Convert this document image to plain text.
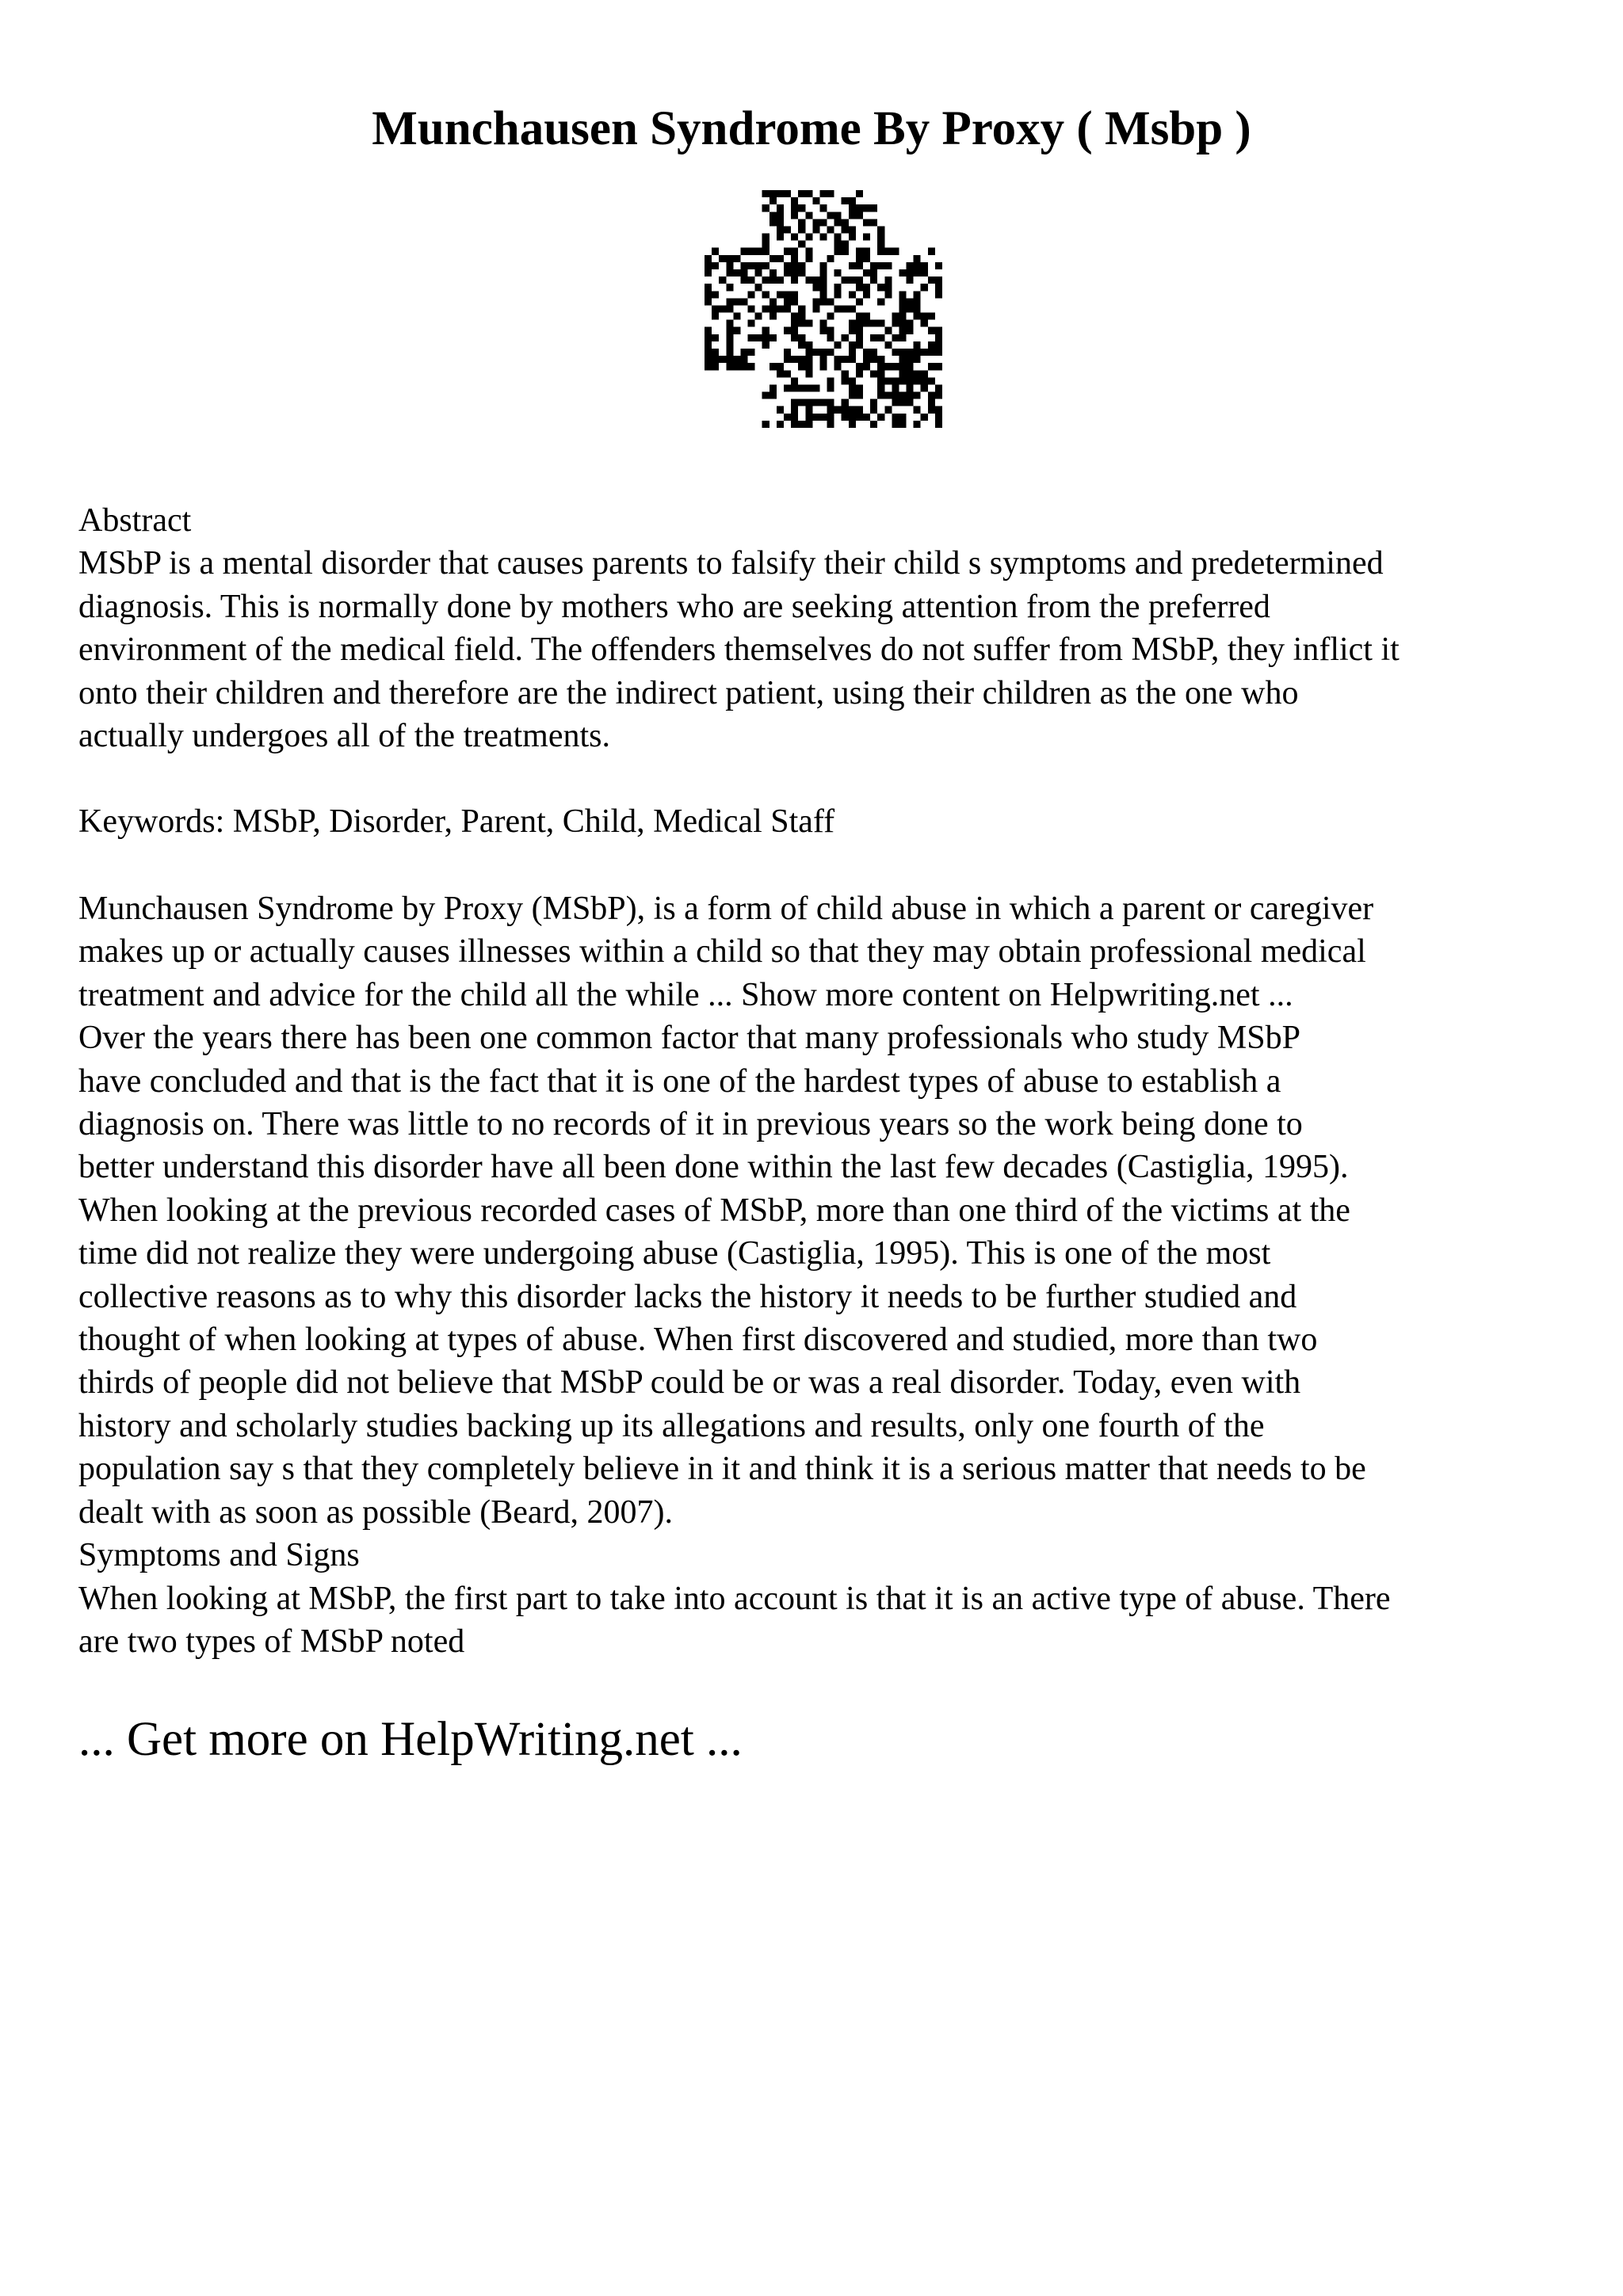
Munchausen Syndrome By Proxy ( Msbp )
Abstract
MSbP is a mental disorder that causes parents to falsify their child s symptoms and predetermined
diagnosis. This is normally done by mothers who are seeking attention from the preferred
environment of the medical field. The offenders themselves do not suffer from MSbP, they inflict it
onto their children and therefore are the indirect patient, using their children as the one who
actually undergoes all of the treatments.
Keywords: MSbP, Disorder, Parent, Child, Medical Staff
Munchausen Syndrome by Proxy (MSbP), is a form of child abuse in which a parent or caregiver
makes up or actually causes illnesses within a child so that they may obtain professional medical
treatment and advice for the child all the while ... Show more content on Helpwriting.net ...
Over the years there has been one common factor that many professionals who study MSbP
have concluded and that is the fact that it is one of the hardest types of abuse to establish a
diagnosis on. There was little to no records of it in previous years so the work being done to
better understand this disorder have all been done within the last few decades (Castiglia, 1995).
When looking at the previous recorded cases of MSbP, more than one third of the victims at the
time did not realize they were undergoing abuse (Castiglia, 1995). This is one of the most
collective reasons as to why this disorder lacks the history it needs to be further studied and
thought of when looking at types of abuse. When first discovered and studied, more than two
thirds of people did not believe that MSbP could be or was a real disorder. Today, even with
history and scholarly studies backing up its allegations and results, only one fourth of the
population say s that they completely believe in it and think it is a serious matter that needs to be
dealt with as soon as possible (Beard, 2007).
Symptoms and Signs
When looking at MSbP, the first part to take into account is that it is an active type of abuse. There
are two types of MSbP noted
... Get more on HelpWriting.net ...
